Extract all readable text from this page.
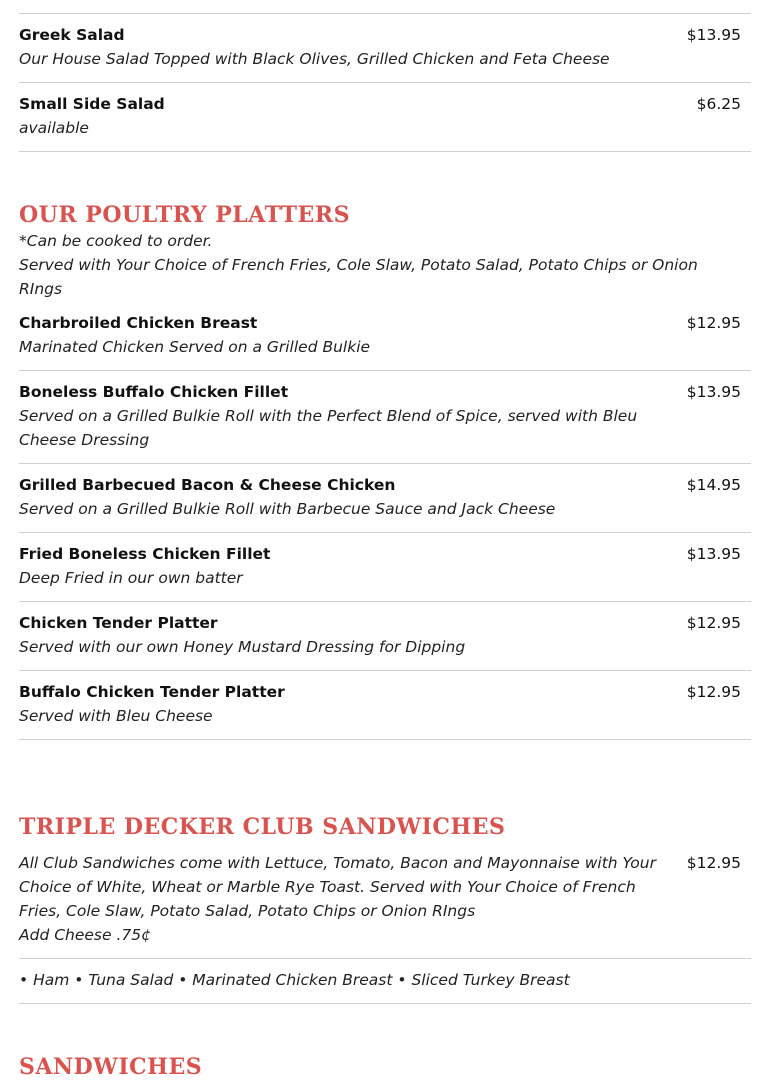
Greek Salad	$13.95
Our House Salad Topped with Black Olives, Grilled Chicken and Feta Cheese
Small Side Salad	$6.25
available
OUR POULTRY PLATTERS
*Can be cooked to order.
Served with Your Choice of French Fries, Cole Slaw, Potato Salad, Potato Chips or Onion RIngs
Charbroiled Chicken Breast	$12.95
Marinated Chicken Served on a Grilled Bulkie
Boneless Buffalo Chicken Fillet	$13.95
Served on a Grilled Bulkie Roll with the Perfect Blend of Spice, served with Bleu Cheese Dressing
Grilled Barbecued Bacon & Cheese Chicken	$14.95
Served on a Grilled Bulkie Roll with Barbecue Sauce and Jack Cheese
Fried Boneless Chicken Fillet	$13.95
Deep Fried in our own batter
Chicken Tender Platter	$12.95
Served with our own Honey Mustard Dressing for Dipping
Buffalo Chicken Tender Platter	$12.95
Served with Bleu Cheese
TRIPLE DECKER CLUB SANDWICHES
All Club Sandwiches come with Lettuce, Tomato, Bacon and Mayonnaise with Your Choice of White, Wheat or Marble Rye Toast. Served with Your Choice of French Fries, Cole Slaw, Potato Salad, Potato Chips or Onion RIngs
Add Cheese .75¢
$12.95
• Ham • Tuna Salad • Marinated Chicken Breast • Sliced Turkey Breast
SANDWICHES
